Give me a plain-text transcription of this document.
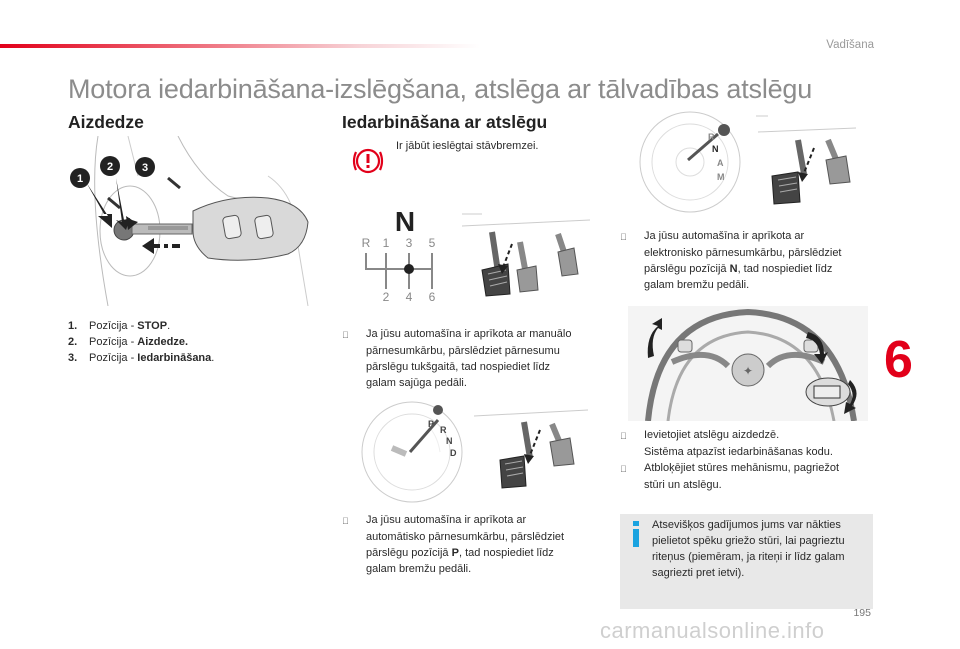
Vadīšana
Motora iedarbināšana-izslēgšana, atslēga ar tālvadības atslēgu
Aizdedze
1
2	3
1.	Pozīcija - STOP.
2.	Pozīcija - Aizdedze.
3.	Pozīcija - Iedarbināšana.
Iedarbināšana ar atslēgu
Ir jābūt ieslēgtai stāvbremzei.
N
R 1 3 5
2 4 6
Ja jūsu automašīna ir aprīkota ar manuālo
pārnesumkārbu, pārslēdziet pārnesumu
pārslēgu tukšgaitā, tad nospiediet līdz
galam sajūga pedāli.
P
R
N
D
Ja jūsu automašīna ir aprīkota ar
automātisko pārnesumkārbu, pārslēdziet
pārslēgu pozīcijā P, tad nospiediet līdz
galam bremžu pedāli.
R
N
A
M
Ja jūsu automašīna ir aprīkota ar
elektronisko pārnesumkārbu, pārslēdziet
pārslēgu pozīcijā N, tad nospiediet līdz
galam bremžu pedāli.
✦
Ievietojiet atslēgu aizdedzē.
Sistēma atpazīst iedarbināšanas kodu.
Atbloķējiet stūres mehānismu, pagriežot
stūri un atslēgu.
Atsevišķos gadījumos jums var nākties
pielietot spēku griežo stūri, lai pagrieztu
riteņus (piemēram, ja riteņi ir līdz galam
sagriezti pret ietvi).
6
195
carmanualsonline.info
